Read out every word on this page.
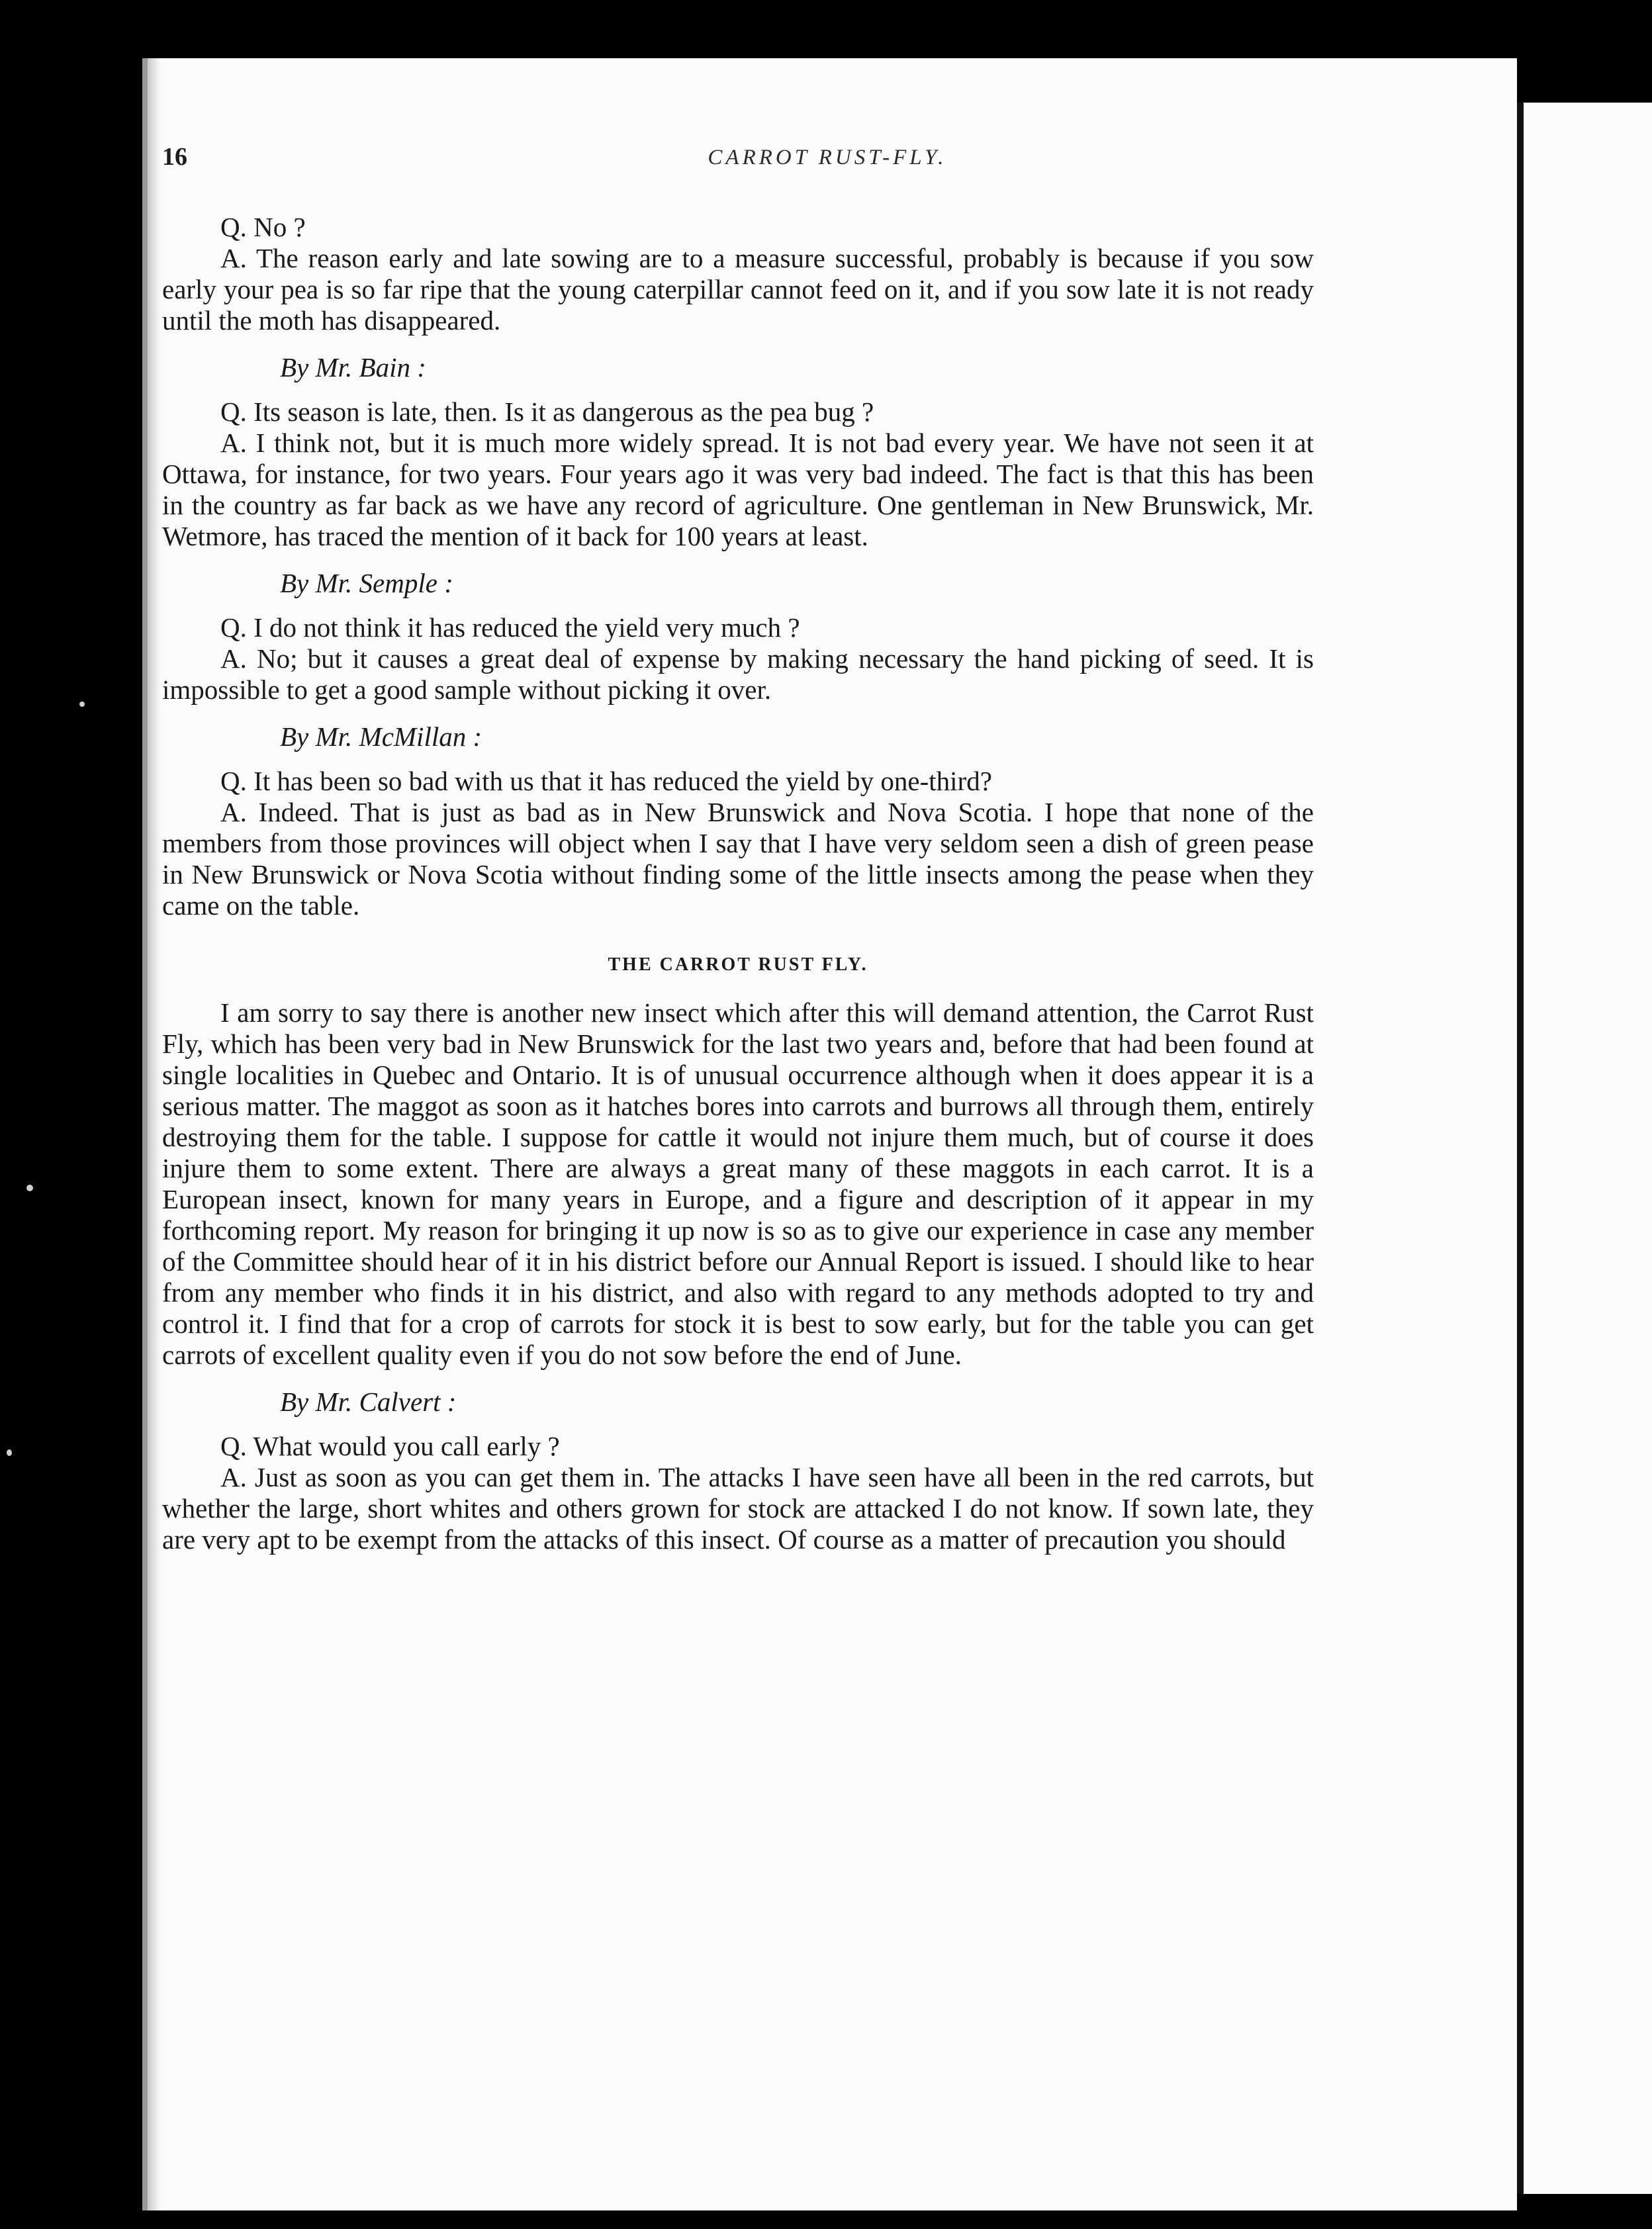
16	CARROT RUST-FLY.

Q. No ?

A. The reason early and late sowing are to a measure successful, probably is because if you sow early your pea is so far ripe that the young caterpillar cannot feed on it, and if you sow late it is not ready until the moth has disappeared.

By Mr. Bain :

Q. Its season is late, then. Is it as dangerous as the pea bug ?

A. I think not, but it is much more widely spread. It is not bad every year. We have not seen it at Ottawa, for instance, for two years. Four years ago it was very bad indeed. The fact is that this has been in the country as far back as we have any record of agriculture. One gentleman in New Brunswick, Mr. Wetmore, has traced the mention of it back for 100 years at least.

By Mr. Semple :

Q. I do not think it has reduced the yield very much ?

A. No; but it causes a great deal of expense by making necessary the hand picking of seed. It is impossible to get a good sample without picking it over.

By Mr. McMillan :

Q. It has been so bad with us that it has reduced the yield by one-third?

A. Indeed. That is just as bad as in New Brunswick and Nova Scotia. I hope that none of the members from those provinces will object when I say that I have very seldom seen a dish of green pease in New Brunswick or Nova Scotia without finding some of the little insects among the pease when they came on the table.

THE CARROT RUST FLY.

I am sorry to say there is another new insect which after this will demand attention, the Carrot Rust Fly, which has been very bad in New Brunswick for the last two years and, before that had been found at single localities in Quebec and Ontario. It is of unusual occurrence although when it does appear it is a serious matter. The maggot as soon as it hatches bores into carrots and burrows all through them, entirely destroying them for the table. I suppose for cattle it would not injure them much, but of course it does injure them to some extent. There are always a great many of these maggots in each carrot. It is a European insect, known for many years in Europe, and a figure and description of it appear in my forthcoming report. My reason for bringing it up now is so as to give our experience in case any member of the Committee should hear of it in his district before our Annual Report is issued. I should like to hear from any member who finds it in his district, and also with regard to any methods adopted to try and control it. I find that for a crop of carrots for stock it is best to sow early, but for the table you can get carrots of excellent quality even if you do not sow before the end of June.

By Mr. Calvert :

Q. What would you call early ?

A. Just as soon as you can get them in. The attacks I have seen have all been in the red carrots, but whether the large, short whites and others grown for stock are attacked I do not know. If sown late, they are very apt to be exempt from the attacks of this insect. Of course as a matter of precaution you should
